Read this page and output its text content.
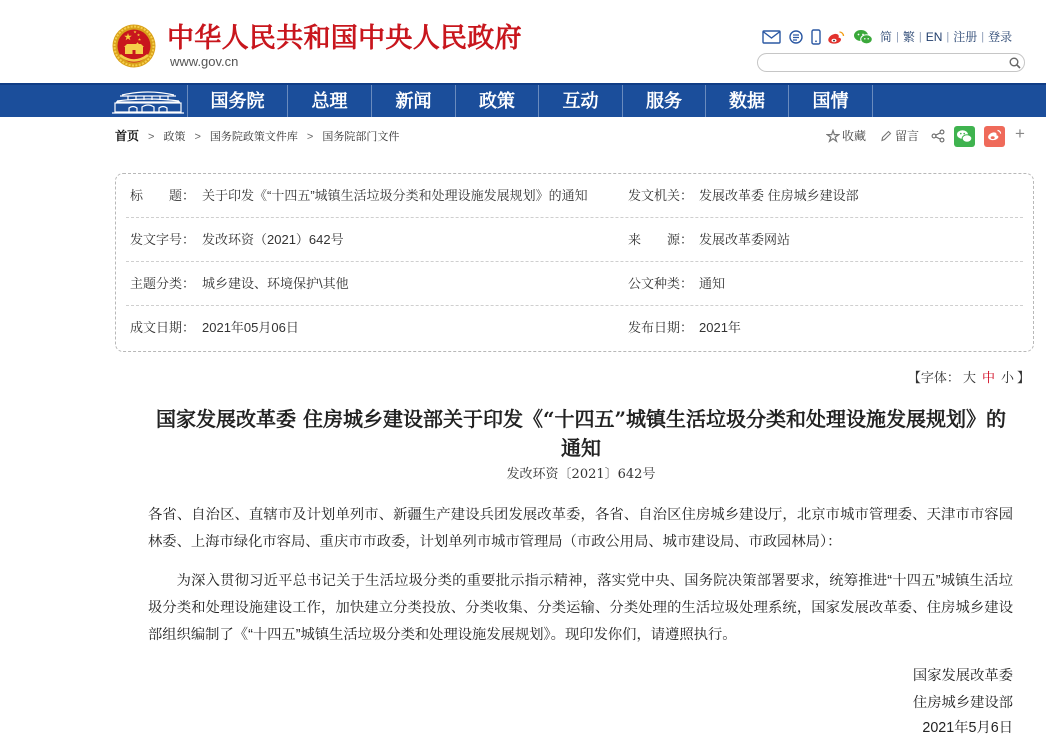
中华人民共和国中央人民政府
www.gov.cn
简 | 繁 | EN | 注册 | 登录
国务院	总理	新闻	政策	互动	服务	数据	国情
首页 > 政策 > 国务院政策文件库 > 国务院部门文件	收藏 留言	+
标　　题： 关于印发《“十四五”城镇生活垃圾分类和处理设施发展规划》的通知	发文机关： 发展改革委 住房城乡建设部
发文字号： 发改环资（2021）642号	来　　源： 发展改革委网站
主题分类： 城乡建设、环境保护\其他	公文种类： 通知
成文日期： 2021年05月06日	发布日期： 2021年
【字体： 大 中 小 】
国家发展改革委 住房城乡建设部关于印发《“十四五”城镇生活垃圾分类和处理设施发展规划》的通知
发改环资〔2021〕642号
各省、自治区、直辖市及计划单列市、新疆生产建设兵团发展改革委，各省、自治区住房城乡建设厅，北京市城市管理委、天津市市容园林委、上海市绿化市容局、重庆市市政委，计划单列市城市管理局（市政公用局、城市建设局、市政园林局）：
为深入贯彻习近平总书记关于生活垃圾分类的重要批示指示精神，落实党中央、国务院决策部署要求，统筹推进“十四五”城镇生活垃圾分类和处理设施建设工作，加快建立分类投放、分类收集、分类运输、分类处理的生活垃圾处理系统，国家发展改革委、住房城乡建设部组织编制了《“十四五”城镇生活垃圾分类和处理设施发展规划》。现印发你们，请遵照执行。
国家发展改革委
住房城乡建设部
2021年5月6日
